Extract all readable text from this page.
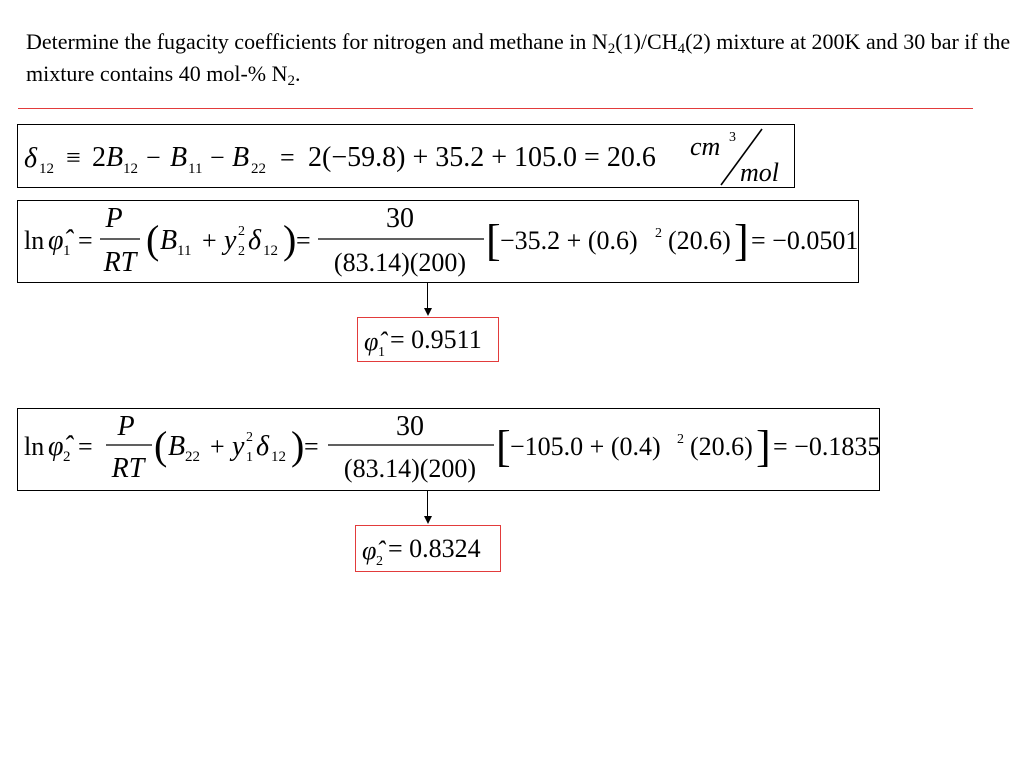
Determine the fugacity coefficients for nitrogen and methane in $N_2(1)/CH_4(2)$ mixture at 200K and 30 bar if the mixture contains 40 mol-% $N_2$.
δ 12 ≡ 2 B 12 − B 11 − B 22 = 2(−59.8) + 35.2 + 105.0 = 20.6 cm 3
mol
ln φ̂ 1 =
P
RT
( B 11 + y 2
2 δ 12 ) =
30
(83.14)(200) [ −35.2 + (0.6) 2 (20.6) ] = −0.0501
φ̂ 1 = 0.9511
ln φ̂ 2 =
P
RT
( B 22 + y 2
1 δ 12 ) =
30
(83.14)(200) [ −105.0 + (0.4) 2 (20.6) ] = −0.1835
φ̂ 2 = 0.8324
